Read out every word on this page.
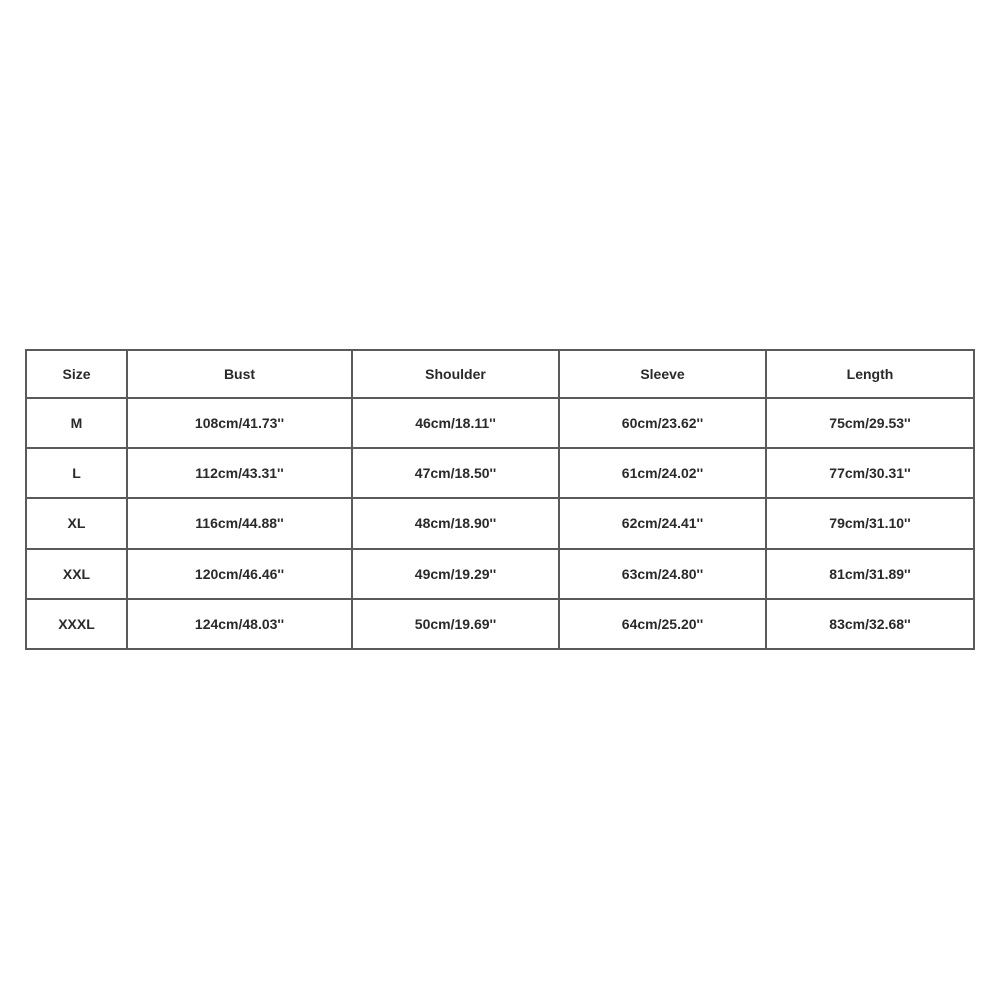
Size	Bust	Shoulder	Sleeve	Length
M	108cm/41.73''	46cm/18.11''	60cm/23.62''	75cm/29.53''
L	112cm/43.31''	47cm/18.50''	61cm/24.02''	77cm/30.31''
XL	116cm/44.88''	48cm/18.90''	62cm/24.41''	79cm/31.10''
XXL	120cm/46.46''	49cm/19.29''	63cm/24.80''	81cm/31.89''
XXXL	124cm/48.03''	50cm/19.69''	64cm/25.20''	83cm/32.68''
